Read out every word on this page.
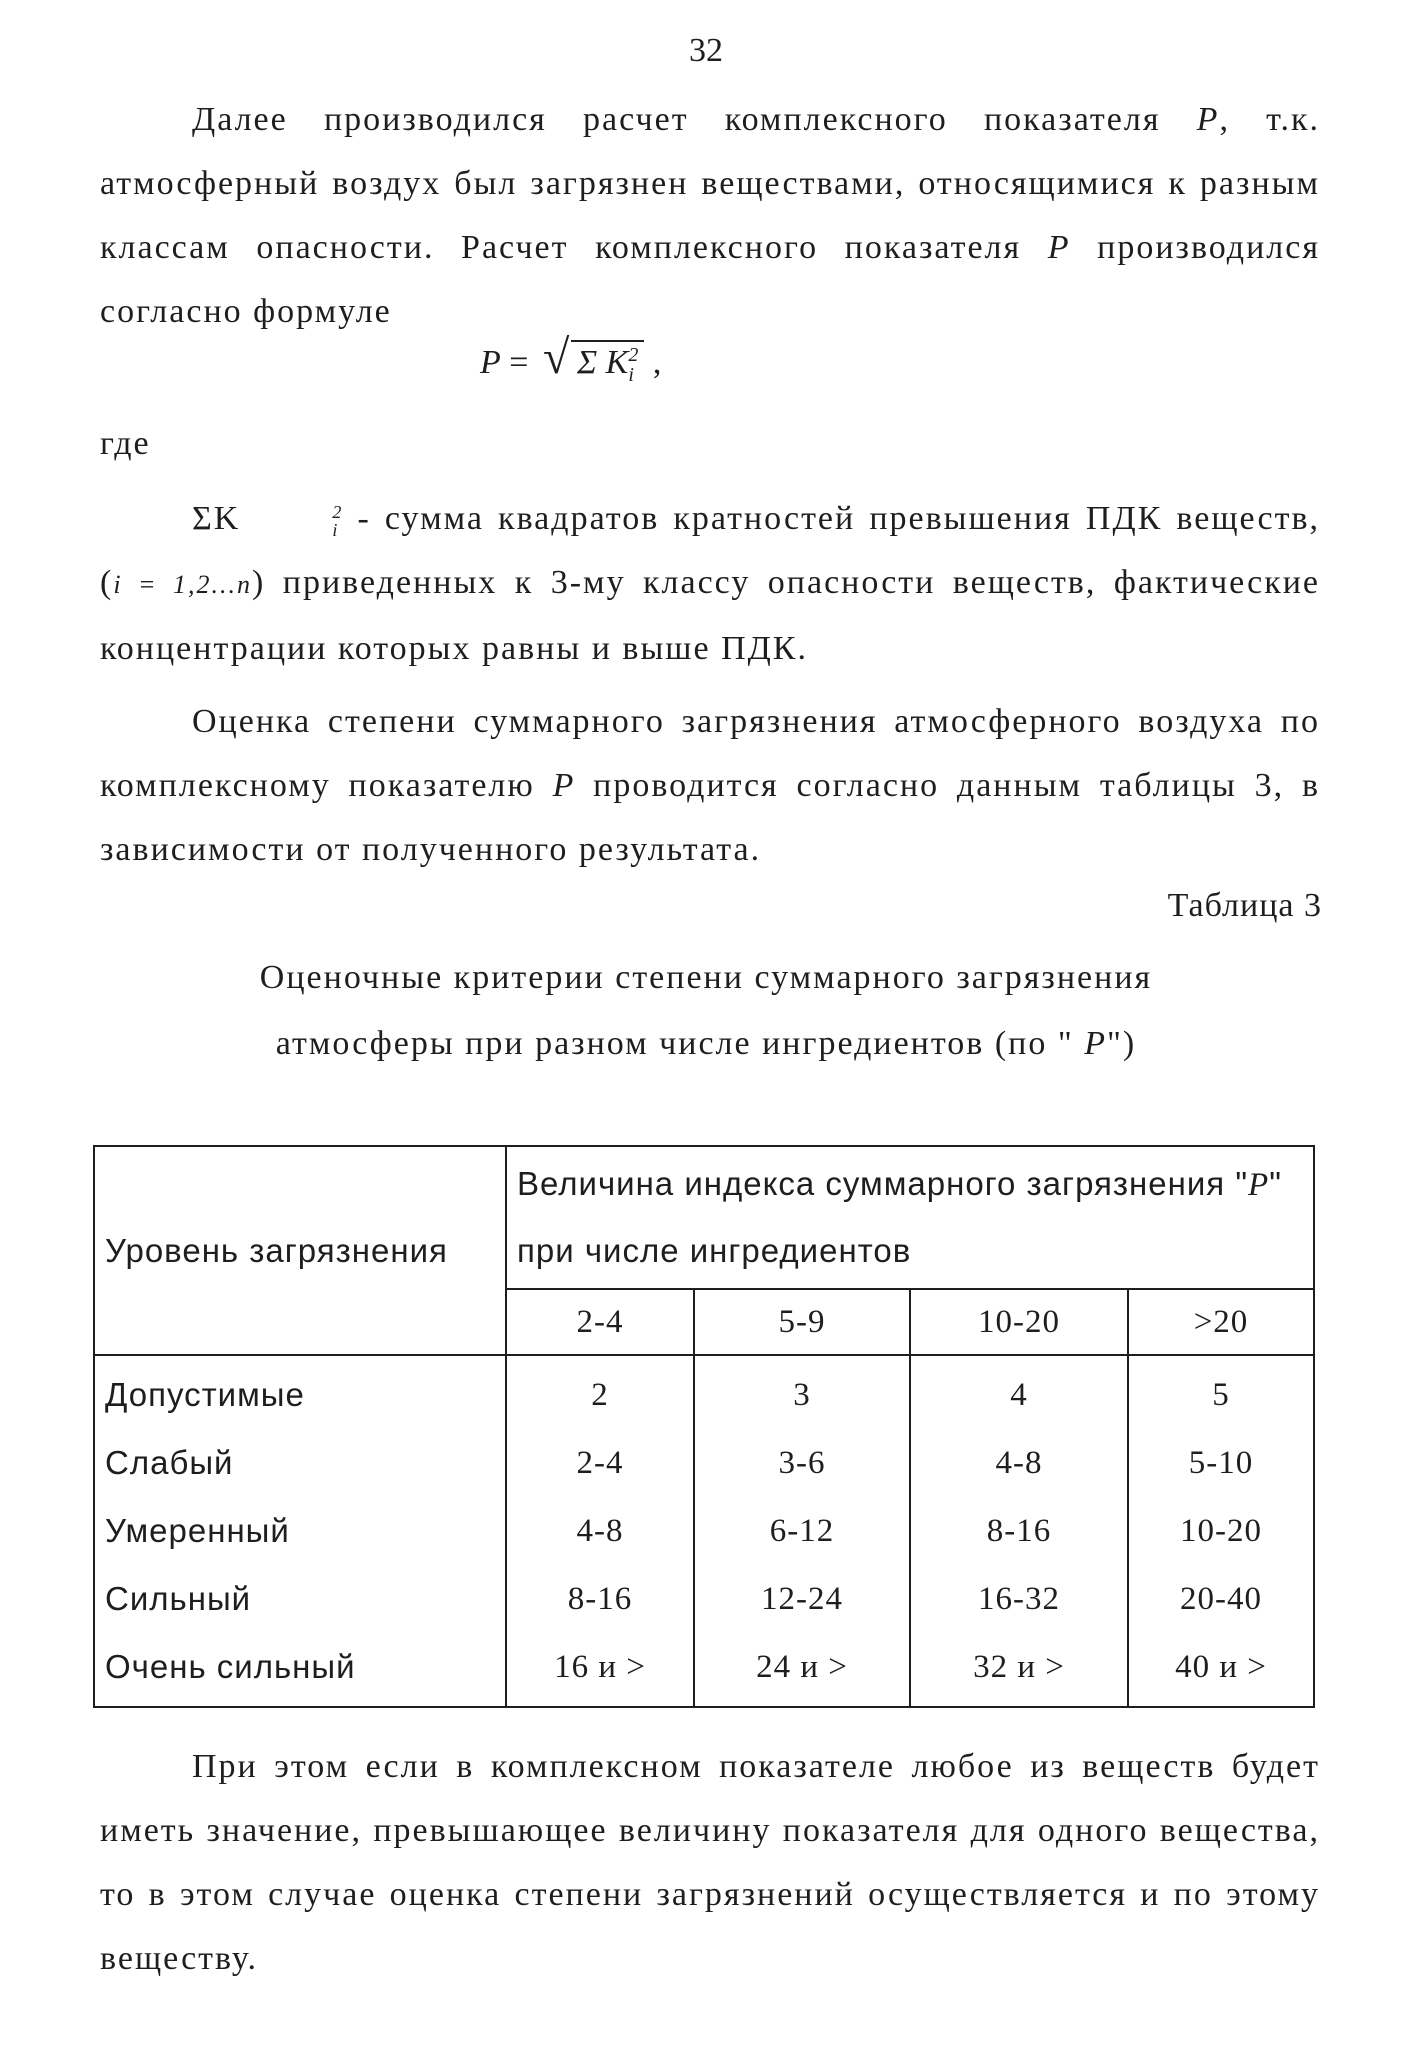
32

Далее производился расчет комплексного показателя P, т.к. атмосферный воздух был загрязнен веществами, относящимися к разным классам опасности. Расчет комплексного показателя P производился согласно формуле

P = √ Σ K 2
i ,
где

ΣK	2
i - сумма квадратов кратностей превышения ПДК веществ, (i = 1,2...n) приведенных к 3-му классу опасности веществ, фактические концентрации которых равны и выше ПДК.

Оценка степени суммарного загрязнения атмосферного воздуха по комплексному показателю P проводится согласно данным таблицы 3, в зависимости от полученного результата.

Таблица 3
Оценочные критерии степени суммарного загрязнения
атмосферы при разном числе ингредиентов (по " P")
Уровень загрязнения	Величина индекса суммарного загрязнения "P" при числе ингредиентов			
	2-4	5-9	10-20	>20
Допустимые	2	3	4	5
Слабый	2-4	3-6	4-8	5-10
Умеренный	4-8	6-12	8-16	10-20
Сильный	8-16	12-24	16-32	20-40
Очень сильный	16 и >	24 и >	32 и >	40 и >

При этом если в комплексном показателе любое из веществ будет иметь значение, превышающее величину показателя для одного вещества, то в этом случае оценка степени загрязнений осуществляется и по этому веществу.
